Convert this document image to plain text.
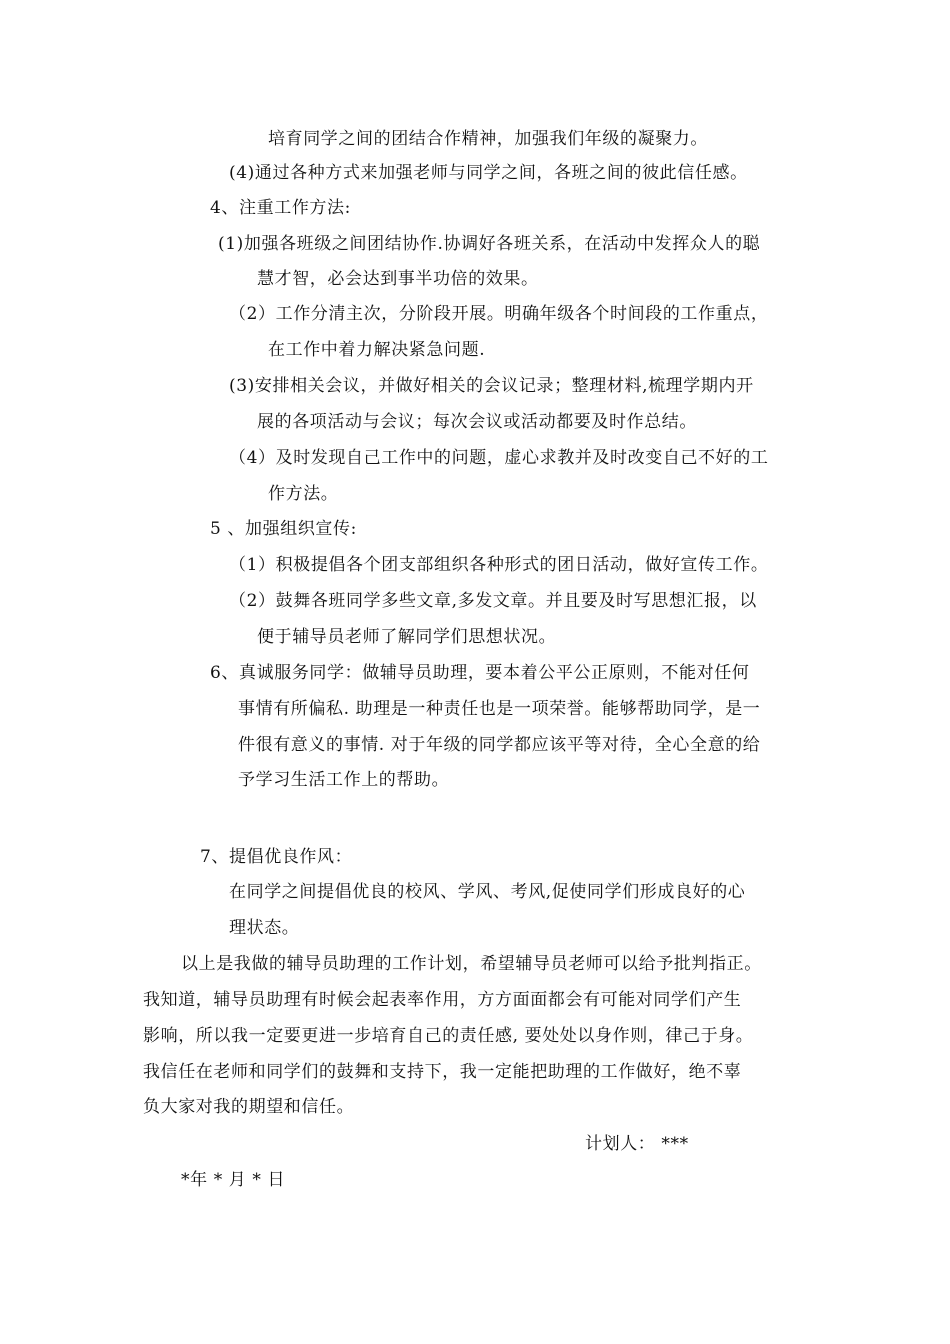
培育同学之间的团结合作精神，加强我们年级的凝聚力。
(4)通过各种方式来加强老师与同学之间，各班之间的彼此信任感。
4、注重工作方法:
(1)加强各班级之间团结协作.协调好各班关系，在活动中发挥众人的聪
慧才智，必会达到事半功倍的效果。
（2）工作分清主次，分阶段开展。明确年级各个时间段的工作重点，
在工作中着力解决紧急问题.
(3)安排相关会议，并做好相关的会议记录；整理材料,梳理学期内开
展的各项活动与会议；每次会议或活动都要及时作总结。
（4）及时发现自己工作中的问题，虚心求教并及时改变自己不好的工
作方法。
5 、加强组织宣传:
（1）积极提倡各个团支部组织各种形式的团日活动，做好宣传工作。
（2）鼓舞各班同学多些文章,多发文章。并且要及时写思想汇报，以
便于辅导员老师了解同学们思想状况。
6、真诚服务同学：做辅导员助理，要本着公平公正原则，不能对任何
事情有所偏私. 助理是一种责任也是一项荣誉。能够帮助同学，是一
件很有意义的事情. 对于年级的同学都应该平等对待，全心全意的给
予学习生活工作上的帮助。
7、提倡优良作风：
在同学之间提倡优良的校风、学风、考风,促使同学们形成良好的心
理状态。
以上是我做的辅导员助理的工作计划，希望辅导员老师可以给予批判指正。
我知道，辅导员助理有时候会起表率作用，方方面面都会有可能对同学们产生
影响，所以我一定要更进一步培育自己的责任感, 要处处以身作则，律己于身。
我信任在老师和同学们的鼓舞和支持下，我一定能把助理的工作做好，绝不辜
负大家对我的期望和信任。
计划人： ***
*年 * 月 * 日
